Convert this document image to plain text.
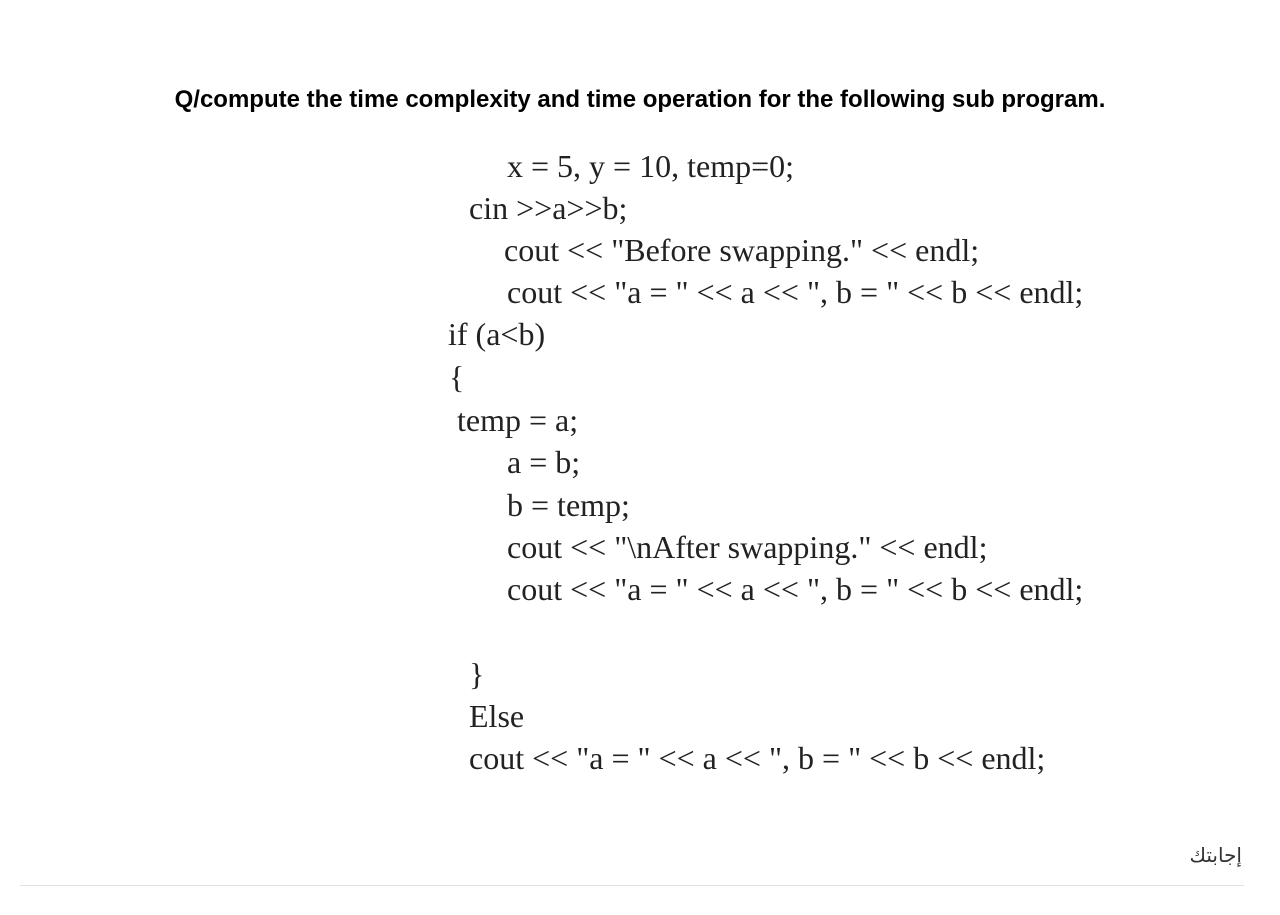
Q/compute the time complexity and time operation for the following sub program.
x = 5, y = 10, temp=0;
cin >>a>>b;
cout << "Before swapping." << endl;
cout << "a = " << a << ", b = " << b << endl;
if (a<b)
{
temp = a;
a = b;
b = temp;
cout << "\nAfter swapping." << endl;
cout << "a = " << a << ", b = " << b << endl;
}
Else
cout << "a = " << a << ", b = " << b << endl;
إجابتك
